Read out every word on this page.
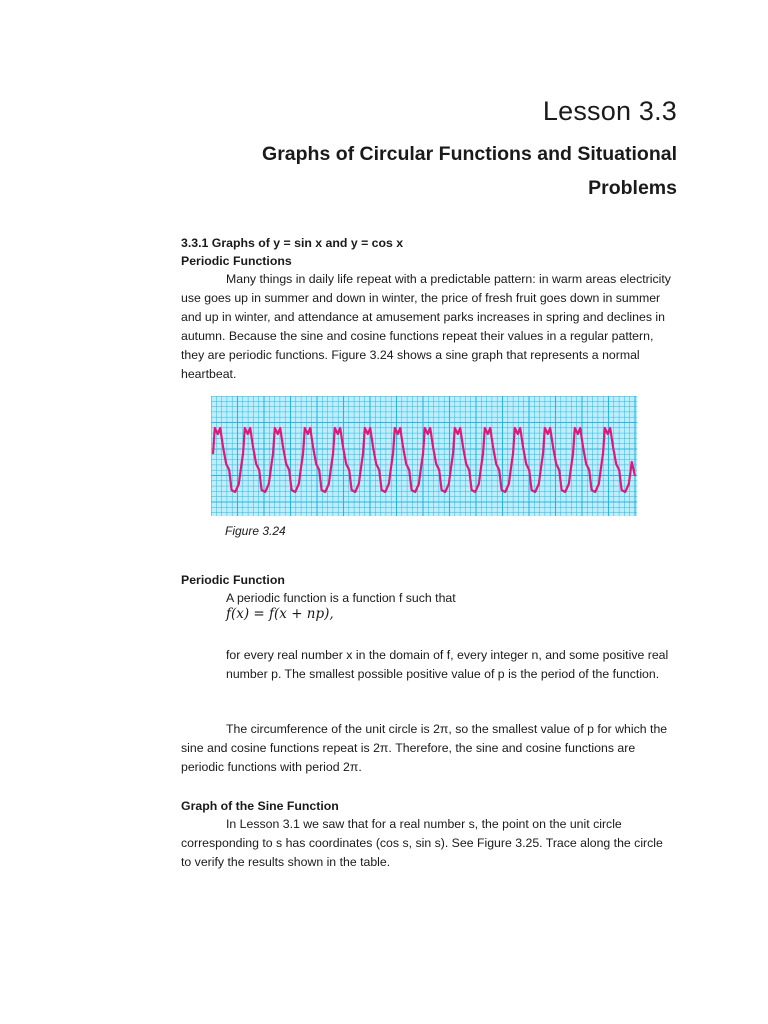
Lesson 3.3
Graphs of Circular Functions and Situational Problems

3.3.1 Graphs of y = sin x and y = cos x

Periodic Functions

Many things in daily life repeat with a predictable pattern: in warm areas electricity use goes up in summer and down in winter, the price of fresh fruit goes down in summer and up in winter, and attendance at amusement parks increases in spring and declines in autumn. Because the sine and cosine functions repeat their values in a regular pattern, they are periodic functions. Figure 3.24 shows a sine graph that represents a normal heartbeat.

Figure 3.24

Periodic Function

A periodic function is a function f such that

f(x) = f(x + np),

for every real number x in the domain of f, every integer n, and some positive real number p. The smallest possible positive value of p is the period of the function.

The circumference of the unit circle is 2π, so the smallest value of p for which the sine and cosine functions repeat is 2π. Therefore, the sine and cosine functions are periodic functions with period 2π.

Graph of the Sine Function

In Lesson 3.1 we saw that for a real number s, the point on the unit circle corresponding to s has coordinates (cos s, sin s). See Figure 3.25. Trace along the circle to verify the results shown in the table.
